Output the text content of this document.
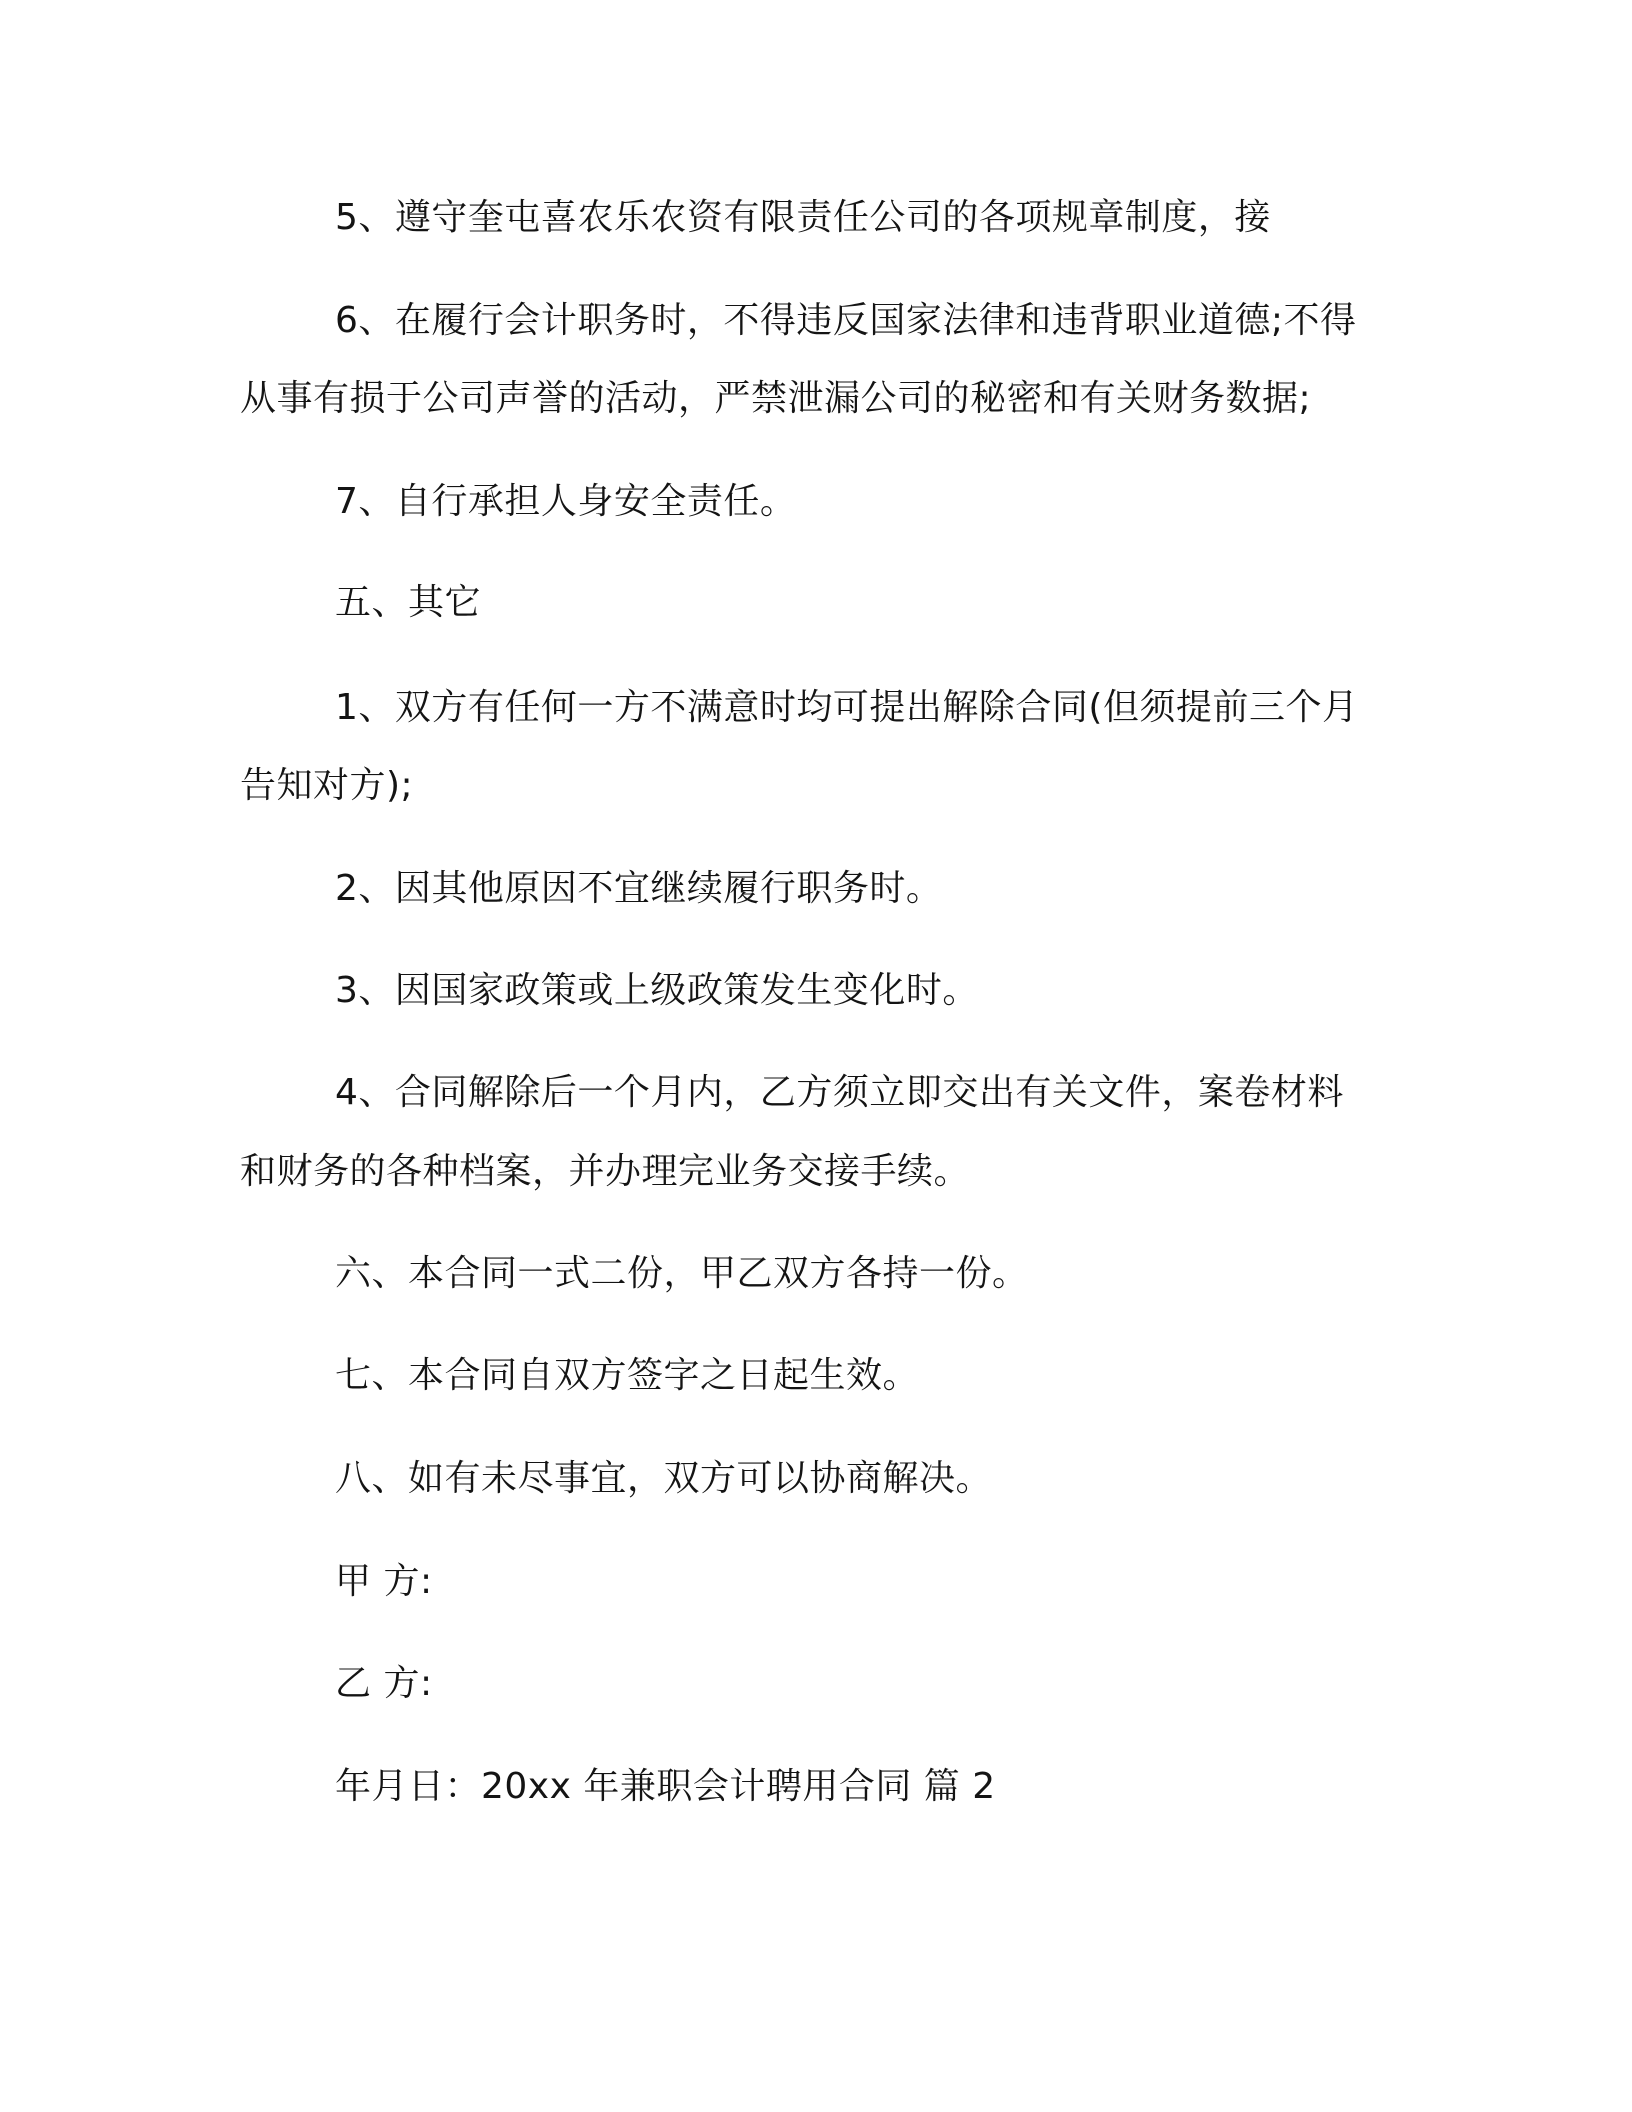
5、遵守奎屯喜农乐农资有限责任公司的各项规章制度，接
6、在履行会计职务时，不得违反国家法律和违背职业道德;不得
从事有损于公司声誉的活动，严禁泄漏公司的秘密和有关财务数据;
7、自行承担人身安全责任。
五、其它
1、双方有任何一方不满意时均可提出解除合同(但须提前三个月
告知对方);
2、因其他原因不宜继续履行职务时。
3、因国家政策或上级政策发生变化时。
4、合同解除后一个月内，乙方须立即交出有关文件，案卷材料
和财务的各种档案，并办理完业务交接手续。
六、本合同一式二份，甲乙双方各持一份。
七、本合同自双方签字之日起生效。
八、如有未尽事宜，双方可以协商解决。
甲 方:
乙 方:
年月日：20xx 年兼职会计聘用合同 篇 2
